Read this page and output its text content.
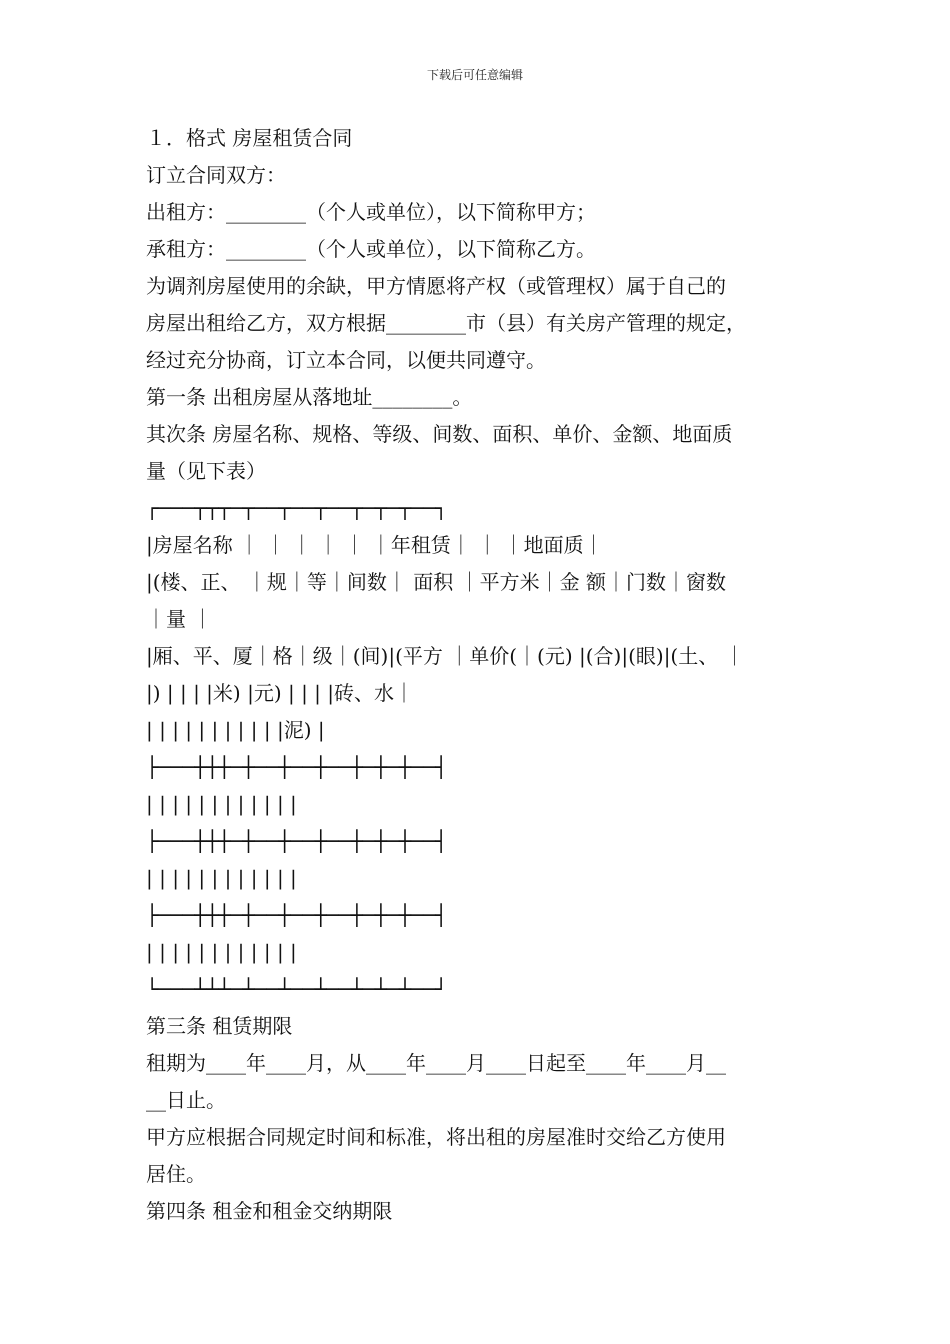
下载后可任意编辑
１．格式 房屋租赁合同
订立合同双方：
出租方：________（个人或单位），以下简称甲方；
承租方：________（个人或单位），以下简称乙方。
为调剂房屋使用的余缺，甲方情愿将产权（或管理权）属于自己的
房屋出租给乙方，双方根据________市（县）有关房产管理的规定，
经过充分协商，订立本合同，以便共同遵守。
第一条 出租房屋从落地址________。
其次条 房屋名称、规格、等级、间数、面积、单价、金额、地面质
量（见下表）
┌───┬┬┬─┬──┬──┬──┬─┬─┬──┐
|房屋名称 ｜ ｜ ｜ ｜ ｜ ｜年租赁｜ ｜ ｜地面质｜
|(楼、正、 ｜规｜等｜间数｜ 面积 ｜平方米｜金 额｜门数｜窗数
｜量 ｜
|厢、平、厦｜格｜级｜(间)|(平方 ｜单价(｜(元) |(合)|(眼)|(土、 ｜
|) | | | |米) |元) | | | |砖、水｜
| | | | | | | | | | |泥) |
├───┼┼┼─┼──┼──┼──┼─┼─┼──┤
| | | | | | | | | | | |
├───┼┼┼─┼──┼──┼──┼─┼─┼──┤
| | | | | | | | | | | |
├───┼┼┼─┼──┼──┼──┼─┼─┼──┤
| | | | | | | | | | | |
└───┴┴┴─┴──┴──┴──┴─┴─┴──┘
第三条 租赁期限
租期为____年____月，从____年____月____日起至____年____月__
__日止。
甲方应根据合同规定时间和标准，将出租的房屋准时交给乙方使用
居住。
第四条 租金和租金交纳期限
